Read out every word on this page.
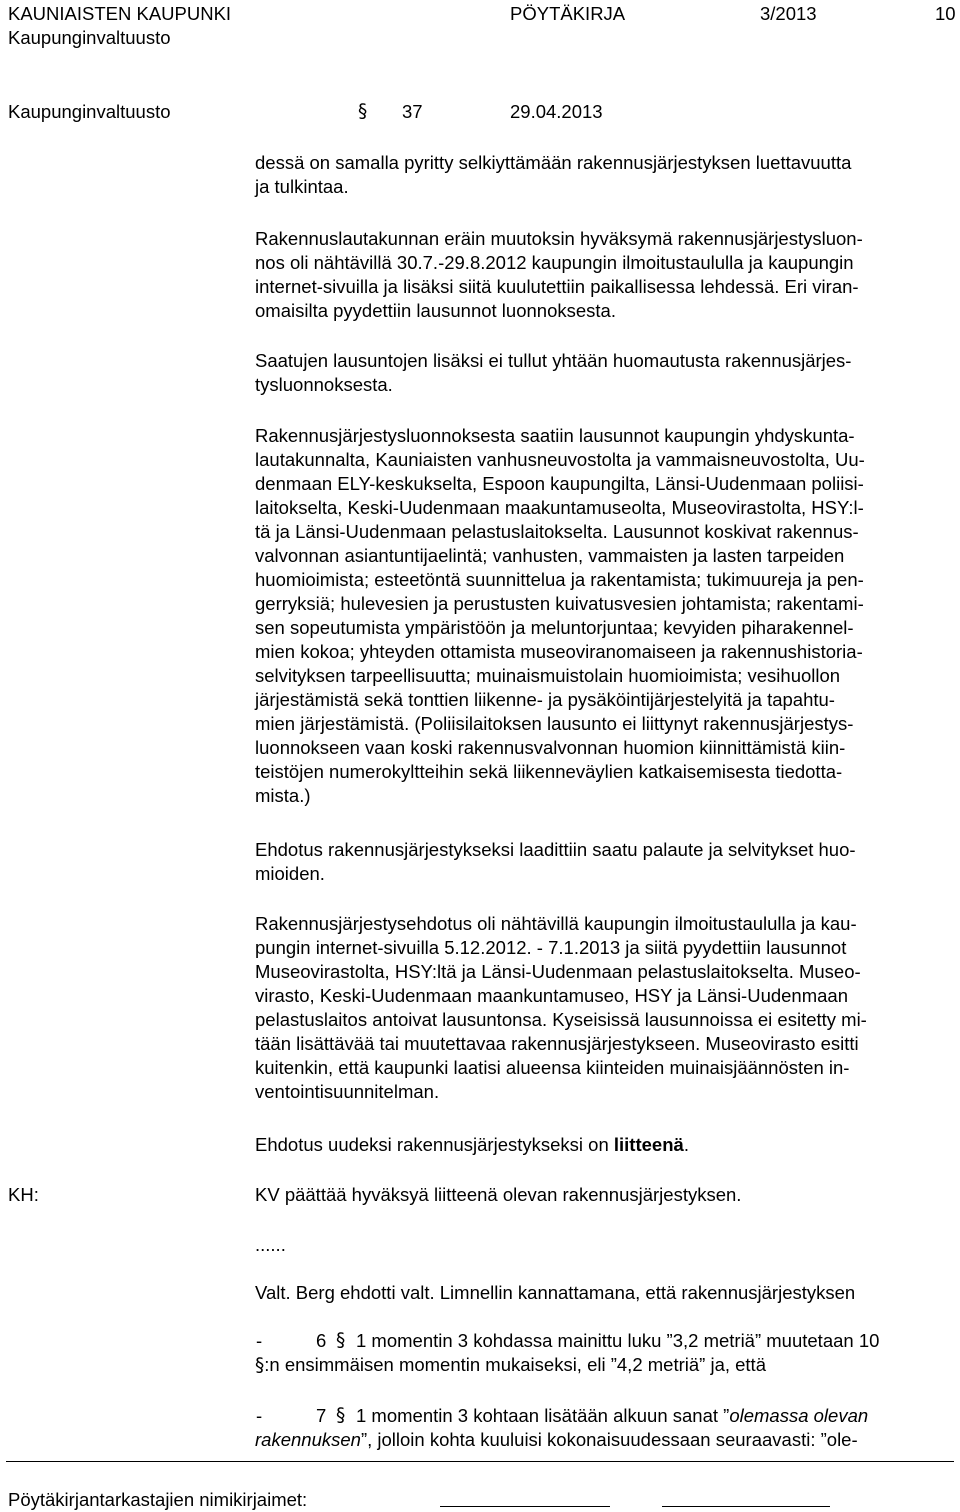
KAUNIAISTEN KAUPUNKI	PÖYTÄKIRJA	3/2013	10
Kaupunginvaltuusto
Kaupunginvaltuusto	§ 37	29.04.2013
dessä on samalla pyritty selkiyttämään rakennusjärjestyksen luettavuutta
ja tulkintaa.
Rakennuslautakunnan eräin muutoksin hyväksymä rakennusjärjestysluon-
nos oli nähtävillä 30.7.-29.8.2012 kaupungin ilmoitustaululla ja kaupungin
internet-sivuilla ja lisäksi siitä kuulutettiin paikallisessa lehdessä. Eri viran-
omaisilta pyydettiin lausunnot luonnoksesta.
Saatujen lausuntojen lisäksi ei tullut yhtään huomautusta rakennusjärjes-
tysluonnoksesta.
Rakennusjärjestysluonnoksesta saatiin lausunnot kaupungin yhdyskunta-
lautakunnalta, Kauniaisten vanhusneuvostolta ja vammaisneuvostolta, Uu-
denmaan ELY-keskukselta, Espoon kaupungilta, Länsi-Uudenmaan poliisi-
laitokselta, Keski-Uudenmaan maakuntamuseolta, Museovirastolta, HSY:l-
tä ja Länsi-Uudenmaan pelastuslaitokselta. Lausunnot koskivat rakennus-
valvonnan asiantuntijaelintä; vanhusten, vammaisten ja lasten tarpeiden
huomioimista; esteetöntä suunnittelua ja rakentamista; tukimuureja ja pen-
gerryksiä; hulevesien ja perustusten kuivatusvesien johtamista; rakentami-
sen sopeutumista ympäristöön ja meluntorjuntaa; kevyiden piharakennel-
mien kokoa; yhteyden ottamista museoviranomaiseen ja rakennushistoria-
selvityksen tarpeellisuutta; muinaismuistolain huomioimista; vesihuollon
järjestämistä sekä tonttien liikenne- ja pysäköintijärjestelyitä ja tapahtu-
mien järjestämistä. (Poliisilaitoksen lausunto ei liittynyt rakennusjärjestys-
luonnokseen vaan koski rakennusvalvonnan huomion kiinnittämistä kiin-
teistöjen numerokyltteihin sekä liikenneväylien katkaisemisesta tiedotta-
mista.)
Ehdotus rakennusjärjestykseksi laadittiin saatu palaute ja selvitykset huo-
mioiden.
Rakennusjärjestysehdotus oli nähtävillä kaupungin ilmoitustaululla ja kau-
pungin internet-sivuilla 5.12.2012. - 7.1.2013 ja siitä pyydettiin lausunnot
Museovirastolta, HSY:ltä ja Länsi-Uudenmaan pelastuslaitokselta. Museo-
virasto, Keski-Uudenmaan maankuntamuseo, HSY ja Länsi-Uudenmaan
pelastuslaitos antoivat lausuntonsa. Kyseisissä lausunnoissa ei esitetty mi-
tään lisättävää tai muutettavaa rakennusjärjestykseen. Museovirasto esitti
kuitenkin, että kaupunki laatisi alueensa kiinteiden muinaisjäännösten in-
ventointisuunnitelman.
Ehdotus uudeksi rakennusjärjestykseksi on liitteenä.
KH:	KV päättää hyväksyä liitteenä olevan rakennusjärjestyksen.
......
Valt. Berg ehdotti valt. Limnellin kannattamana, että rakennusjärjestyksen
-	6 § 1 momentin 3 kohdassa mainittu luku ”3,2 metriä” muutetaan 10
§:n ensimmäisen momentin mukaiseksi, eli ”4,2 metriä” ja, että
-	7 § 1 momentin 3 kohtaan lisätään alkuun sanat ”olemassa olevan
rakennuksen”, jolloin kohta kuuluisi kokonaisuudessaan seuraavasti: ”ole-
Pöytäkirjantarkastajien nimikirjaimet:
